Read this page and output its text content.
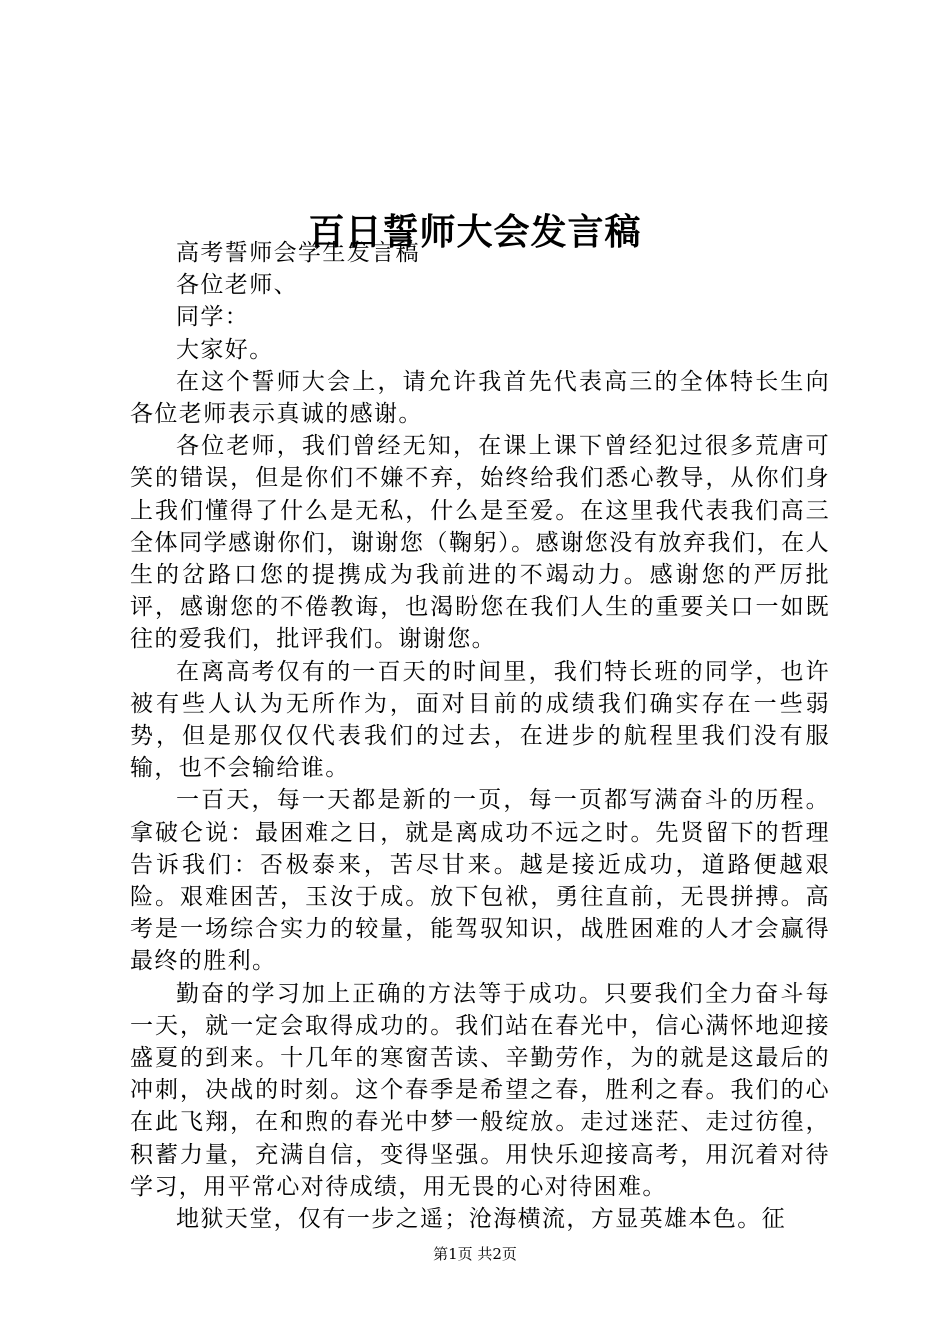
百日誓师大会发言稿

高考誓师会学生发言稿

各位老师、

同学：

大家好。

在这个誓师大会上，请允许我首先代表高三的全体特长生向各位老师表示真诚的感谢。

各位老师，我们曾经无知，在课上课下曾经犯过很多荒唐可笑的错误，但是你们不嫌不弃，始终给我们悉心教导，从你们身上我们懂得了什么是无私，什么是至爱。在这里我代表我们高三全体同学感谢你们，谢谢您（鞠躬）。感谢您没有放弃我们，在人生的岔路口您的提携成为我前进的不竭动力。感谢您的严厉批评，感谢您的不倦教诲，也渴盼您在我们人生的重要关口一如既往的爱我们，批评我们。谢谢您。

在离高考仅有的一百天的时间里，我们特长班的同学，也许被有些人认为无所作为，面对目前的成绩我们确实存在一些弱势，但是那仅仅代表我们的过去，在进步的航程里我们没有服输，也不会输给谁。

一百天，每一天都是新的一页，每一页都写满奋斗的历程。拿破仑说：最困难之日，就是离成功不远之时。先贤留下的哲理告诉我们：否极泰来，苦尽甘来。越是接近成功，道路便越艰险。艰难困苦，玉汝于成。放下包袱，勇往直前，无畏拼搏。高考是一场综合实力的较量，能驾驭知识，战胜困难的人才会赢得最终的胜利。

勤奋的学习加上正确的方法等于成功。只要我们全力奋斗每一天，就一定会取得成功的。我们站在春光中，信心满怀地迎接盛夏的到来。十几年的寒窗苦读、辛勤劳作，为的就是这最后的冲刺，决战的时刻。这个春季是希望之春，胜利之春。我们的心在此飞翔，在和煦的春光中梦一般绽放。走过迷茫、走过彷徨，积蓄力量，充满自信，变得坚强。用快乐迎接高考，用沉着对待学习，用平常心对待成绩，用无畏的心对待困难。

地狱天堂，仅有一步之遥；沧海横流，方显英雄本色。征

第1页 共2页
